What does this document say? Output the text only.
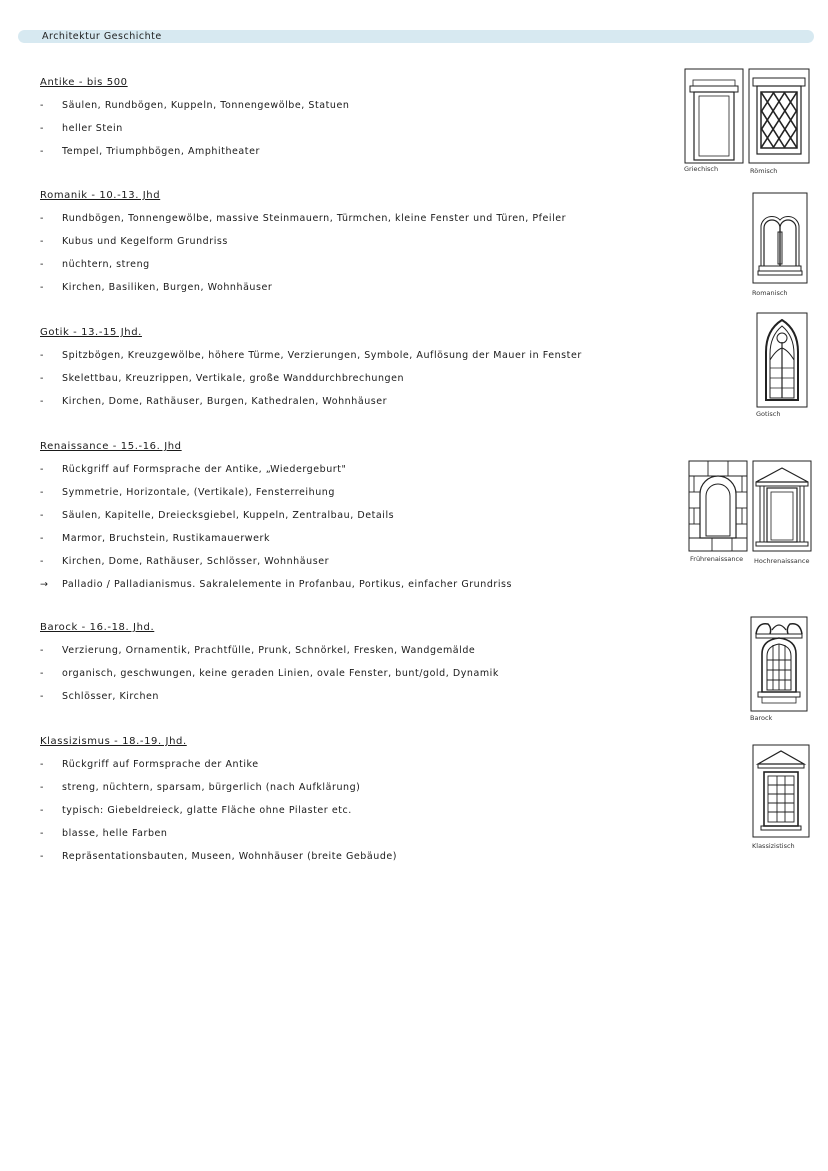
Architektur Geschichte
Antike - bis 500
-	Säulen, Rundbögen, Kuppeln, Tonnengewölbe, Statuen
-	heller Stein
-	Tempel, Triumphbögen, Amphitheater
Romanik - 10.-13. Jhd
-	Rundbögen, Tonnengewölbe, massive Steinmauern, Türmchen, kleine Fenster und Türen, Pfeiler
-	Kubus und Kegelform Grundriss
-	nüchtern, streng
-	Kirchen, Basiliken, Burgen, Wohnhäuser
Gotik - 13.-15 Jhd.
-	Spitzbögen, Kreuzgewölbe, höhere Türme, Verzierungen, Symbole, Auflösung der Mauer in Fenster
-	Skelettbau, Kreuzrippen, Vertikale, große Wanddurchbrechungen
-	Kirchen, Dome, Rathäuser, Burgen, Kathedralen, Wohnhäuser
Renaissance - 15.-16. Jhd
-	Rückgriff auf Formsprache der Antike, „Wiedergeburt"
-	Symmetrie, Horizontale, (Vertikale), Fensterreihung
-	Säulen, Kapitelle, Dreiecksgiebel, Kuppeln, Zentralbau, Details
-	Marmor, Bruchstein, Rustikamauerwerk
-	Kirchen, Dome, Rathäuser, Schlösser, Wohnhäuser
→	Palladio / Palladianismus. Sakralelemente in Profanbau, Portikus, einfacher Grundriss
Barock - 16.-18. Jhd.
-	Verzierung, Ornamentik, Prachtfülle, Prunk, Schnörkel, Fresken, Wandgemälde
-	organisch, geschwungen, keine geraden Linien, ovale Fenster, bunt/gold, Dynamik
-	Schlösser, Kirchen
Klassizismus - 18.-19. Jhd.
-	Rückgriff auf Formsprache der Antike
-	streng, nüchtern, sparsam, bürgerlich (nach Aufklärung)
-	typisch: Giebeldreieck, glatte Fläche ohne Pilaster etc.
-	blasse, helle Farben
-	Repräsentationsbauten, Museen, Wohnhäuser (breite Gebäude)
Griechisch	Römisch
Romanisch
Gotisch
Frührenaissance Hochrenaissance
Barock
Klassizistisch
